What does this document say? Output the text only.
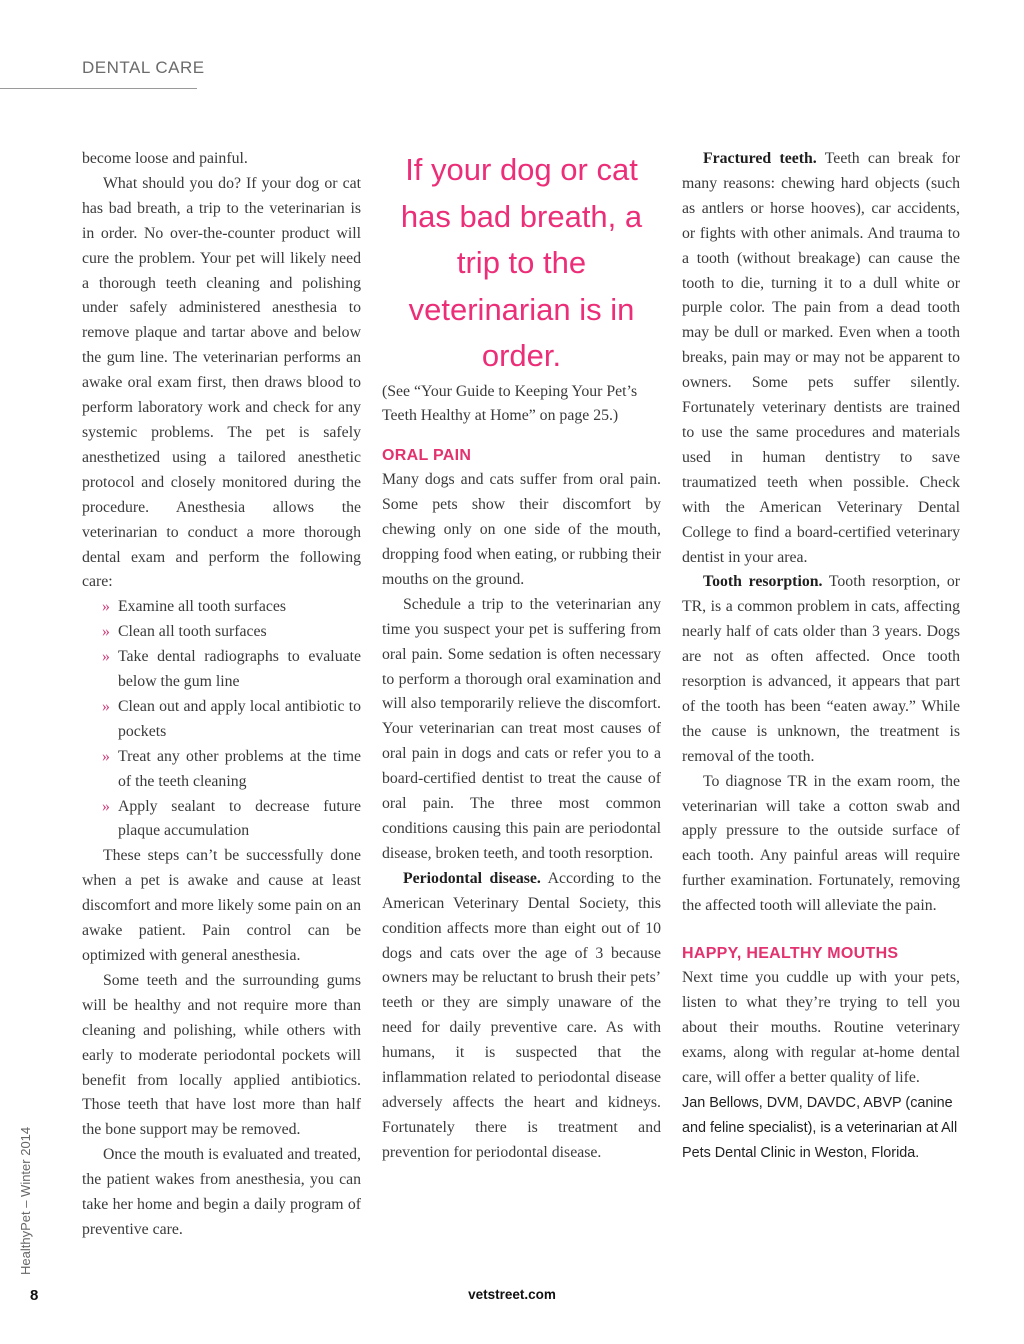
DENTAL CARE

become loose and painful.

What should you do? If your dog or cat has bad breath, a trip to the veterinarian is in order. No over-the-counter product will cure the problem. Your pet will likely need a thorough teeth cleaning and polishing under safely administered anesthesia to remove plaque and tartar above and below the gum line. The veterinarian performs an awake oral exam first, then draws blood to perform laboratory work and check for any systemic problems. The pet is safely anesthetized using a tailored anesthetic protocol and closely monitored during the procedure. Anesthesia allows the veterinarian to conduct a more thorough dental exam and perform the following care:

» Examine all tooth surfaces
» Clean all tooth surfaces
» Take dental radiographs to evaluate below the gum line
» Clean out and apply local antibiotic to pockets
» Treat any other problems at the time of the teeth cleaning
» Apply sealant to decrease future plaque accumulation

These steps can’t be successfully done when a pet is awake and cause at least discomfort and more likely some pain on an awake patient. Pain control can be optimized with general anesthesia.

Some teeth and the surrounding gums will be healthy and not require more than cleaning and polishing, while others with early to moderate periodontal pockets will benefit from locally applied antibiotics. Those teeth that have lost more than half the bone support may be removed.

Once the mouth is evaluated and treated, the patient wakes from anesthesia, you can take her home and begin a daily program of preventive care.

If your dog or cat has bad breath, a trip to the veterinarian is in order.

(See “Your Guide to Keeping Your Pet’s Teeth Healthy at Home” on page 25.)

ORAL PAIN

Many dogs and cats suffer from oral pain. Some pets show their discomfort by chewing only on one side of the mouth, dropping food when eating, or rubbing their mouths on the ground.

Schedule a trip to the veterinarian any time you suspect your pet is suffering from oral pain. Some sedation is often necessary to perform a thorough oral examination and will also temporarily relieve the discomfort. Your veterinarian can treat most causes of oral pain in dogs and cats or refer you to a board-certified dentist to treat the cause of oral pain. The three most common conditions causing this pain are periodontal disease, broken teeth, and tooth resorption.

Periodontal disease. According to the American Veterinary Dental Society, this condition affects more than eight out of 10 dogs and cats over the age of 3 because owners may be reluctant to brush their pets’ teeth or they are simply unaware of the need for daily preventive care. As with humans, it is suspected that the inflammation related to periodontal disease adversely affects the heart and kidneys. Fortunately there is treatment and prevention for periodontal disease.

Fractured teeth. Teeth can break for many reasons: chewing hard objects (such as antlers or horse hooves), car accidents, or fights with other animals. And trauma to a tooth (without breakage) can cause the tooth to die, turning it to a dull white or purple color. The pain from a dead tooth may be dull or marked. Even when a tooth breaks, pain may or may not be apparent to owners. Some pets suffer silently. Fortunately veterinary dentists are trained to use the same procedures and materials used in human dentistry to save traumatized teeth when possible. Check with the American Veterinary Dental College to find a board-certified veterinary dentist in your area.

Tooth resorption. Tooth resorption, or TR, is a common problem in cats, affecting nearly half of cats older than 3 years. Dogs are not as often affected. Once tooth resorption is advanced, it appears that part of the tooth has been “eaten away.” While the cause is unknown, the treatment is removal of the tooth.

To diagnose TR in the exam room, the veterinarian will take a cotton swab and apply pressure to the outside surface of each tooth. Any painful areas will require further examination. Fortunately, removing the affected tooth will alleviate the pain.

HAPPY, HEALTHY MOUTHS

Next time you cuddle up with your pets, listen to what they’re trying to tell you about their mouths. Routine veterinary exams, along with regular at-home dental care, will offer a better quality of life.

Jan Bellows, DVM, DAVDC, ABVP (canine and feline specialist), is a veterinarian at All Pets Dental Clinic in Weston, Florida.

HealthyPet – Winter 2014
8	vetstreet.com
